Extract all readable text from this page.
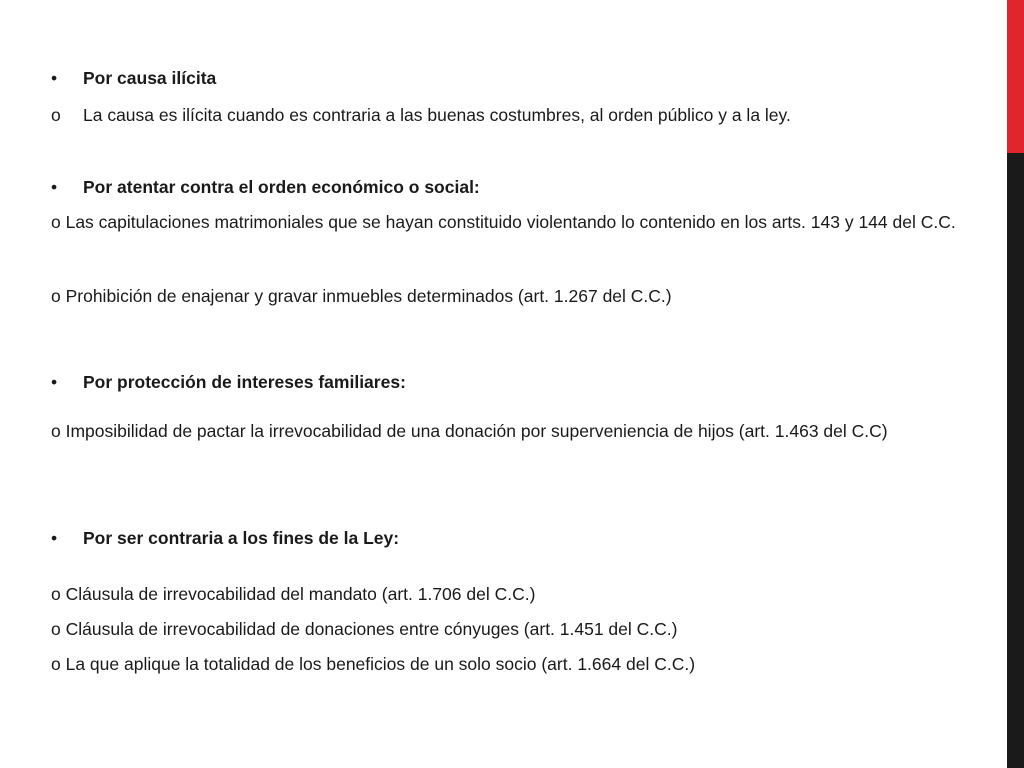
• Por causa ilícita

o La causa es ilícita cuando es contraria a las buenas costumbres, al orden público y a la ley.

• Por atentar contra el orden económico o social:

o Las capitulaciones matrimoniales que se hayan constituido violentando lo contenido en los arts. 143 y 144 del C.C.

o Prohibición de enajenar y gravar inmuebles determinados (art. 1.267 del C.C.)

• Por protección de intereses familiares:

o Imposibilidad de pactar la irrevocabilidad de una donación por superveniencia de hijos (art. 1.463 del C.C)

• Por ser contraria a los fines de la Ley:

o Cláusula de irrevocabilidad del mandato (art. 1.706 del C.C.)

o Cláusula de irrevocabilidad de donaciones entre cónyuges (art. 1.451 del C.C.)

o La que aplique la totalidad de los beneficios de un solo socio (art. 1.664 del C.C.)
